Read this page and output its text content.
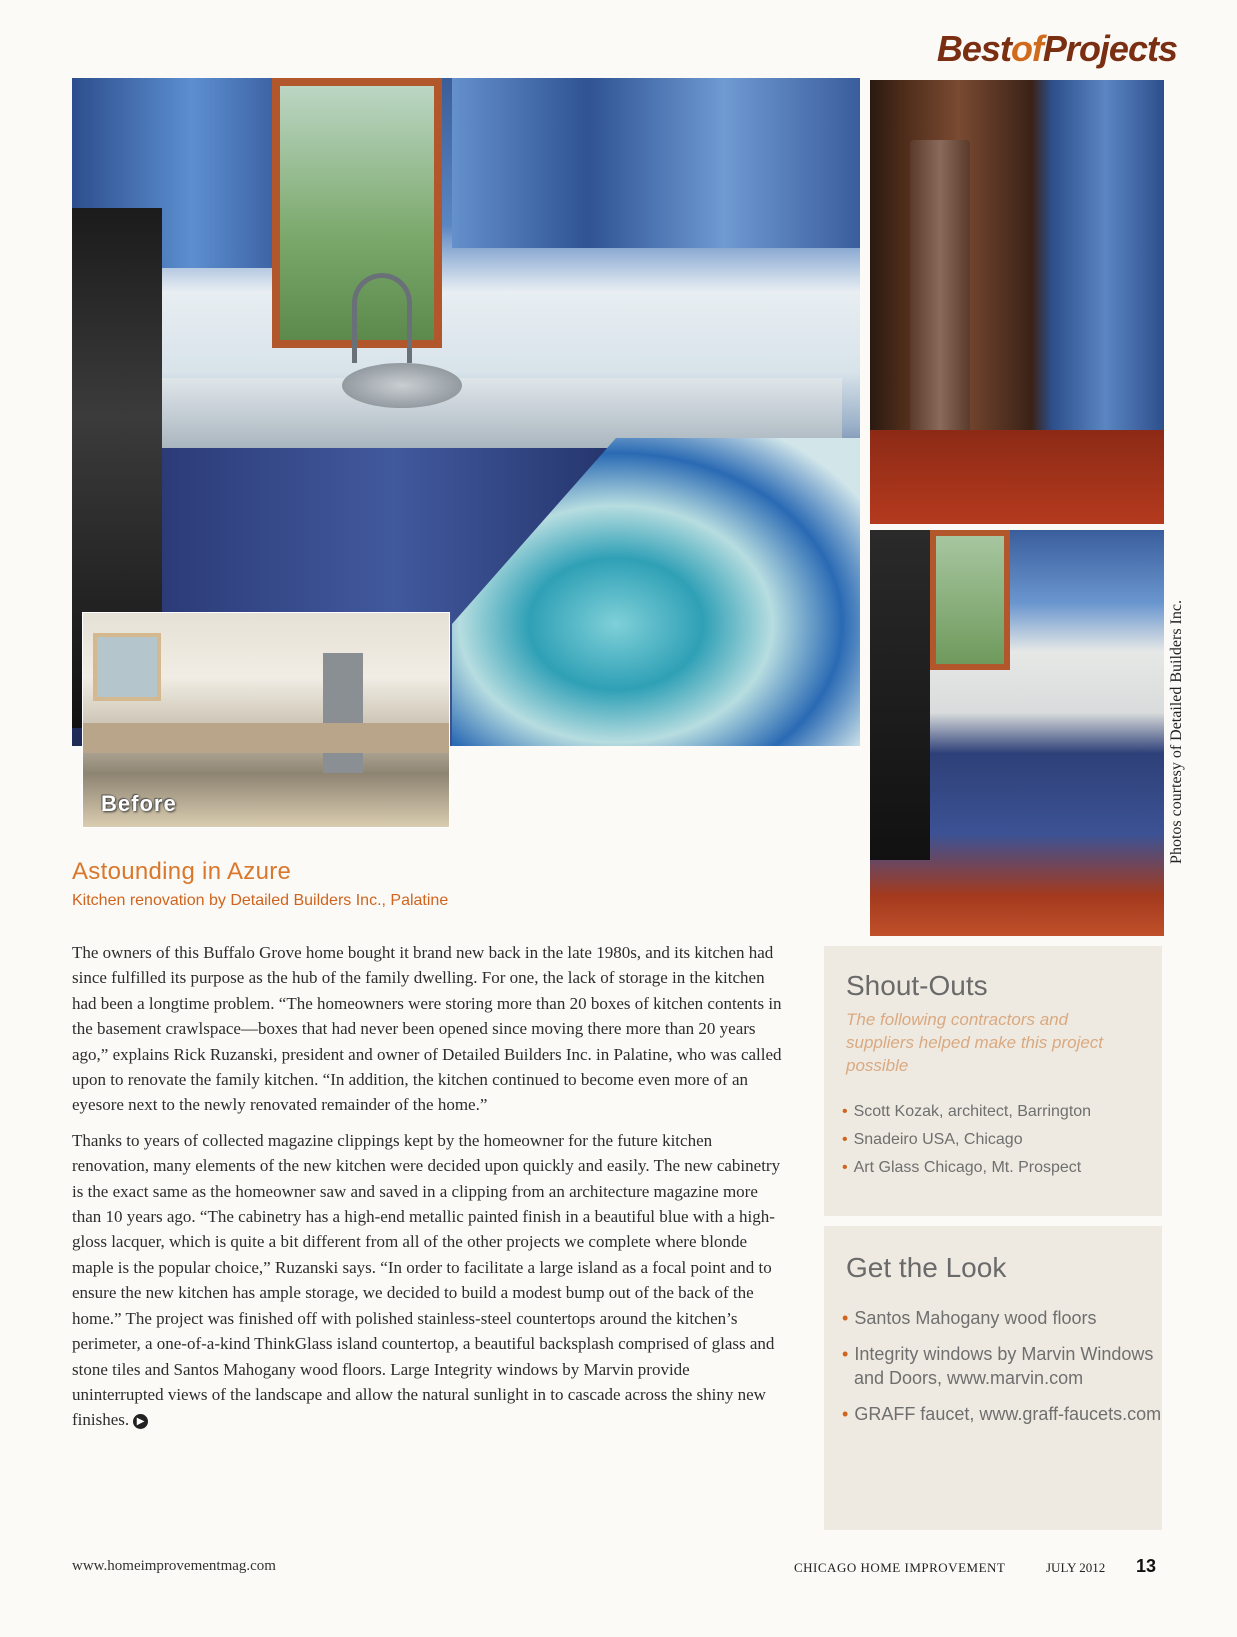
BestofProjects
Before	Photos courtesy of Detailed Builders Inc.
Astounding in Azure
Kitchen renovation by Detailed Builders Inc., Palatine

The owners of this Buffalo Grove home bought it brand new back in the late 1980s, and its kitchen had since fulfilled its purpose as the hub of the family dwelling. For one, the lack of storage in the kitchen had been a longtime problem. “The homeowners were storing more than 20 boxes of kitchen contents in the basement crawlspace—boxes that had never been opened since moving there more than 20 years ago,” explains Rick Ruzanski, president and owner of Detailed Builders Inc. in Palatine, who was called upon to renovate the family kitchen. “In addition, the kitchen continued to become even more of an eyesore next to the newly renovated remainder of the home.”

Thanks to years of collected magazine clippings kept by the homeowner for the future kitchen renovation, many elements of the new kitchen were decided upon quickly and easily. The new cabinetry is the exact same as the homeowner saw and saved in a clipping from an architecture magazine more than 10 years ago. “The cabinetry has a high-end metallic painted finish in a beautiful blue with a high-gloss lacquer, which is quite a bit different from all of the other projects we complete where blonde maple is the popular choice,” Ruzanski says. “In order to facilitate a large island as a focal point and to ensure the new kitchen has ample storage, we decided to build a modest bump out of the back of the home.” The project was finished off with polished stainless-steel countertops around the kitchen’s perimeter, a one-of-a-kind ThinkGlass island countertop, a beautiful backsplash comprised of glass and stone tiles and Santos Mahogany wood floors. Large Integrity windows by Marvin provide uninterrupted views of the landscape and allow the natural sunlight in to cascade across the shiny new finishes. ▶

Shout-Outs
The following contractors and suppliers helped make this project possible
• Scott Kozak, architect, Barrington
• Snadeiro USA, Chicago
• Art Glass Chicago, Mt. Prospect
Get the Look
• Santos Mahogany wood floors
• Integrity windows by Marvin Windows and Doors, www.marvin.com
• GRAFF faucet, www.graff-faucets.com
www.homeimprovementmag.com	CHICAGO HOME IMPROVEMENT	JULY 2012 13
